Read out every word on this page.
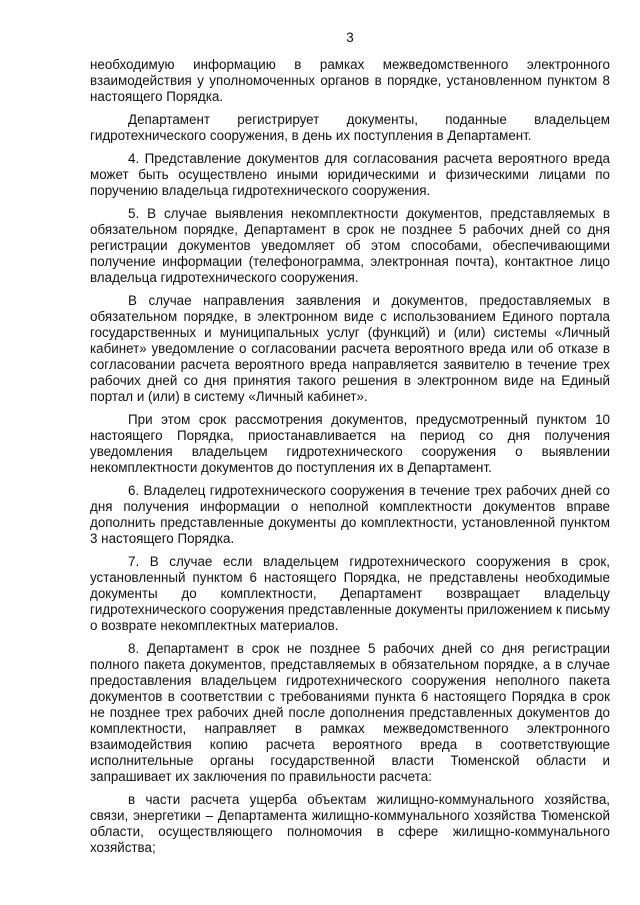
3

необходимую информацию в рамках межведомственного электронного взаимодействия у уполномоченных органов в порядке, установленном пунктом 8 настоящего Порядка.

Департамент регистрирует документы, поданные владельцем гидротехнического сооружения, в день их поступления в Департамент.

4. Представление документов для согласования расчета вероятного вреда может быть осуществлено иными юридическими и физическими лицами по поручению владельца гидротехнического сооружения.

5. В случае выявления некомплектности документов, представляемых в обязательном порядке, Департамент в срок не позднее 5 рабочих дней со дня регистрации документов уведомляет об этом способами, обеспечивающими получение информации (телефонограмма, электронная почта), контактное лицо владельца гидротехнического сооружения.

В случае направления заявления и документов, предоставляемых в обязательном порядке, в электронном виде с использованием Единого портала государственных и муниципальных услуг (функций) и (или) системы «Личный кабинет» уведомление о согласовании расчета вероятного вреда или об отказе в согласовании расчета вероятного вреда направляется заявителю в течение трех рабочих дней со дня принятия такого решения в электронном виде на Единый портал и (или) в систему «Личный кабинет».

При этом срок рассмотрения документов, предусмотренный пунктом 10 настоящего Порядка, приостанавливается на период со дня получения уведомления владельцем гидротехнического сооружения о выявлении некомплектности документов до поступления их в Департамент.

6. Владелец гидротехнического сооружения в течение трех рабочих дней со дня получения информации о неполной комплектности документов вправе дополнить представленные документы до комплектности, установленной пунктом 3 настоящего Порядка.

7. В случае если владельцем гидротехнического сооружения в срок, установленный пунктом 6 настоящего Порядка, не представлены необходимые документы до комплектности, Департамент возвращает владельцу гидротехнического сооружения представленные документы приложением к письму о возврате некомплектных материалов.

8. Департамент в срок не позднее 5 рабочих дней со дня регистрации полного пакета документов, представляемых в обязательном порядке, а в случае предоставления владельцем гидротехнического сооружения неполного пакета документов в соответствии с требованиями пункта 6 настоящего Порядка в срок не позднее трех рабочих дней после дополнения представленных документов до комплектности, направляет в рамках межведомственного электронного взаимодействия копию расчета вероятного вреда в соответствующие исполнительные органы государственной власти Тюменской области и запрашивает их заключения по правильности расчета:

в части расчета ущерба объектам жилищно-коммунального хозяйства, связи, энергетики – Департамента жилищно-коммунального хозяйства Тюменской области, осуществляющего полномочия в сфере жилищно-коммунального хозяйства;
